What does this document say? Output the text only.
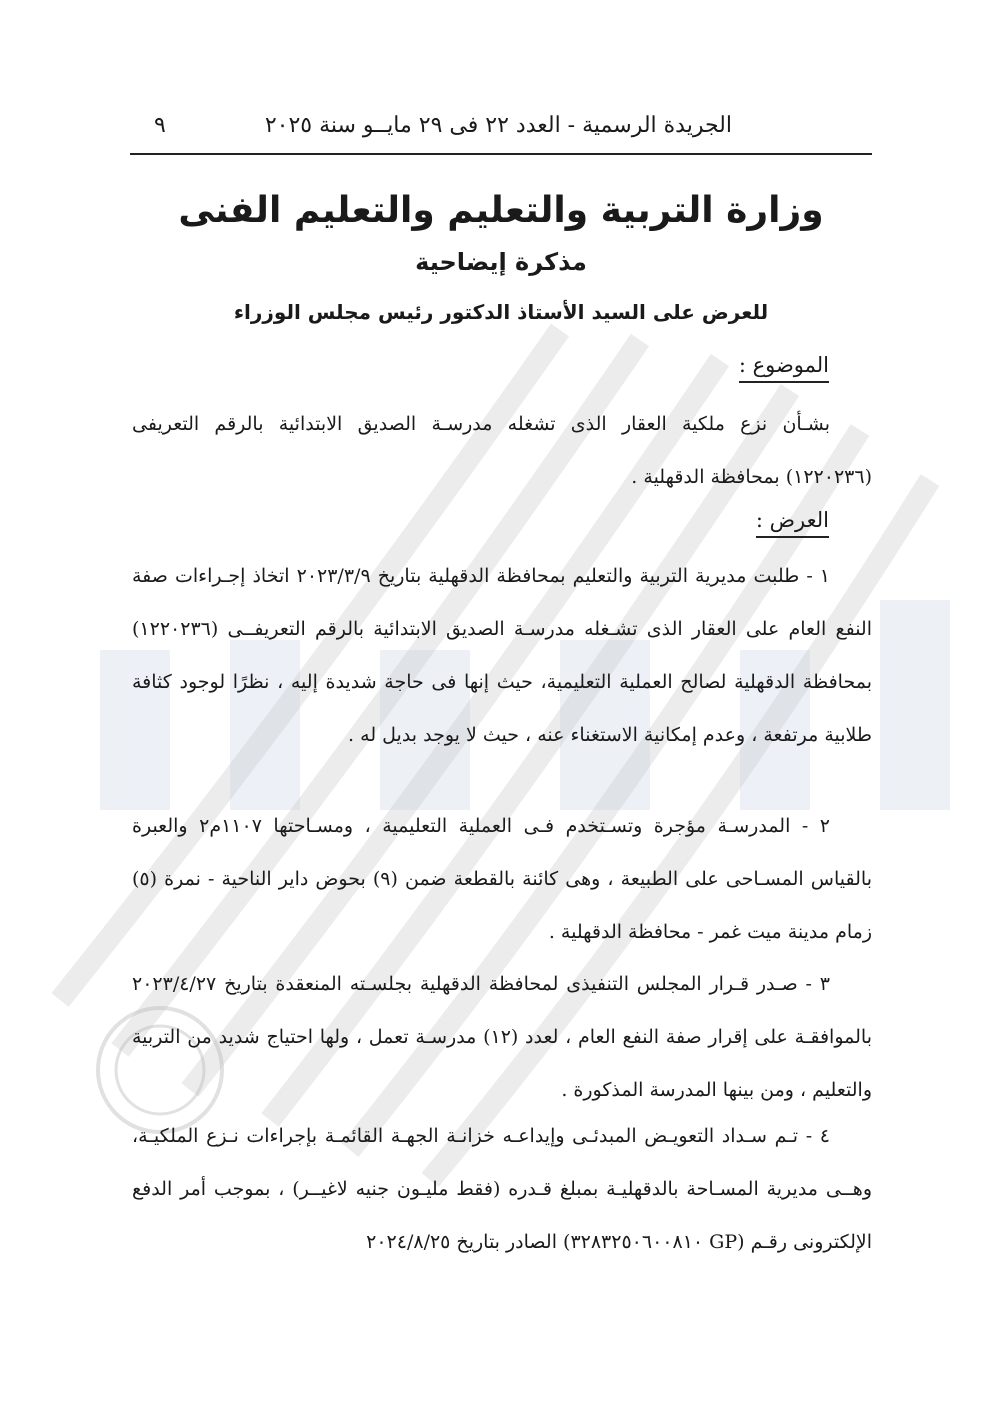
الجريدة الرسمية - العدد ٢٢ فى ٢٩ مايــو سنة ٢٠٢٥
٩
وزارة التربية والتعليم والتعليم الفنى
مذكرة إيضاحية
للعرض على السيد الأستاذ الدكتور رئيس مجلس الوزراء
الموضوع :
بشـأن نزع ملكية العقار الذى تشغله مدرسـة الصديق الابتدائية بالرقم التعريفى (١٢٢٠٢٣٦) بمحافظة الدقهلية .
العرض :
١ - طلبت مديرية التربية والتعليم بمحافظة الدقهلية بتاريخ ٢٠٢٣/٣/٩ اتخاذ إجـراءات صفة النفع العام على العقار الذى تشـغله مدرسـة الصديق الابتدائية بالرقم التعريفــى (١٢٢٠٢٣٦) بمحافظة الدقهلية لصالح العملية التعليمية، حيث إنها فى حاجة شديدة إليه ، نظرًا لوجود كثافة طلابية مرتفعة ، وعدم إمكانية الاستغناء عنه ، حيث لا يوجد بديل له .
٢ - المدرسـة مؤجرة وتسـتخدم فـى العملية التعليمية ، ومسـاحتها ١١٠٧م٢ والعبرة بالقياس المسـاحى على الطبيعة ، وهى كائنة بالقطعة ضمن (٩) بحوض داير الناحية - نمرة (٥) زمام مدينة ميت غمر - محافظة الدقهلية .
٣ - صـدر قـرار المجلس التنفيذى لمحافظة الدقهلية بجلسـته المنعقدة بتاريخ ٢٠٢٣/٤/٢٧ بالموافقـة على إقرار صفة النفع العام ، لعدد (١٢) مدرسـة تعمل ، ولها احتياج شديد من التربية والتعليم ، ومن بينها المدرسة المذكورة .
٤ - تـم سـداد التعويـض المبدئـى وإيداعـه خزانـة الجهـة القائمـة بإجراءات نـزع الملكيـة، وهــى مديرية المسـاحة بالدقهليـة بمبلغ قـدره (فقط مليـون جنيه لاغيــر) ، بموجب أمر الدفع الإلكترونى رقـم (GP ٣٢٨٣٢٥٠٦٠٠٨١٠) الصادر بتاريخ ٢٠٢٤/٨/٢٥
